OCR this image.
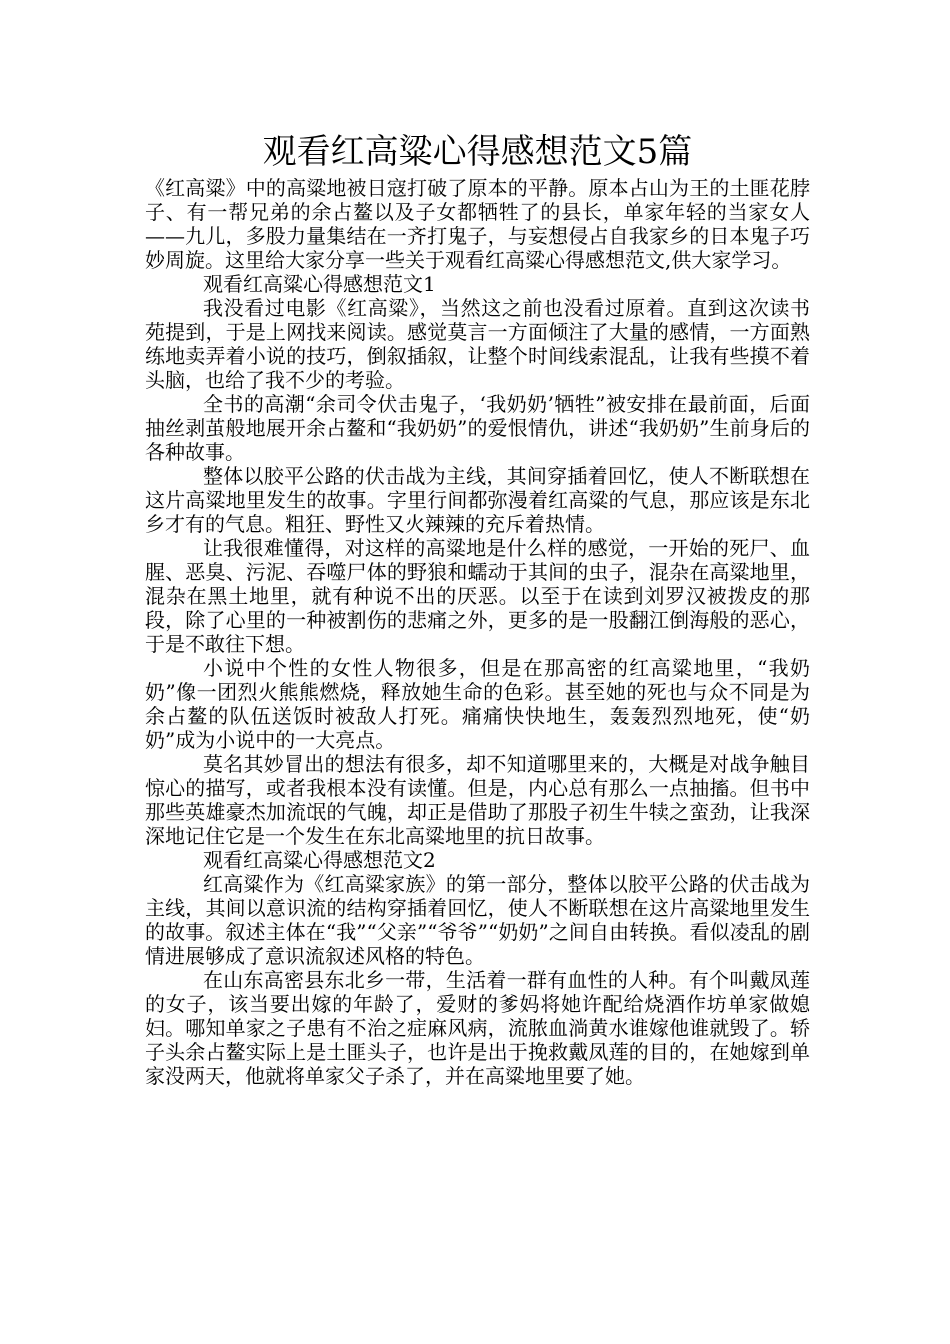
观看红高粱心得感想范文5篇

《红高粱》中的高粱地被日寇打破了原本的平静。原本占山为王的土匪花脖子、有一帮兄弟的余占鳌以及子女都牺牲了的县长，单家年轻的当家女人——九儿，多股力量集结在一齐打鬼子，与妄想侵占自我家乡的日本鬼子巧妙周旋。这里给大家分享一些关于观看红高粱心得感想范文,供大家学习。

观看红高粱心得感想范文1

我没看过电影《红高粱》，当然这之前也没看过原着。直到这次读书苑提到，于是上网找来阅读。感觉莫言一方面倾注了大量的感情，一方面熟练地卖弄着小说的技巧，倒叙插叙，让整个时间线索混乱，让我有些摸不着头脑，也给了我不少的考验。

全书的高潮“余司令伏击鬼子，‘我奶奶’牺牲”被安排在最前面，后面抽丝剥茧般地展开余占鳌和“我奶奶”的爱恨情仇，讲述“我奶奶”生前身后的各种故事。

整体以胶平公路的伏击战为主线，其间穿插着回忆，使人不断联想在这片高粱地里发生的故事。字里行间都弥漫着红高粱的气息，那应该是东北乡才有的气息。粗狂、野性又火辣辣的充斥着热情。

让我很难懂得，对这样的高粱地是什么样的感觉，一开始的死尸、血腥、恶臭、污泥、吞噬尸体的野狼和蠕动于其间的虫子，混杂在高粱地里，混杂在黑土地里，就有种说不出的厌恶。以至于在读到刘罗汉被拨皮的那段，除了心里的一种被割伤的悲痛之外，更多的是一股翻江倒海般的恶心，于是不敢往下想。

小说中个性的女性人物很多，但是在那高密的红高粱地里，“我奶奶”像一团烈火熊熊燃烧，释放她生命的色彩。甚至她的死也与众不同是为余占鳌的队伍送饭时被敌人打死。痛痛快快地生，轰轰烈烈地死，使“奶奶”成为小说中的一大亮点。

莫名其妙冒出的想法有很多，却不知道哪里来的，大概是对战争触目惊心的描写，或者我根本没有读懂。但是，内心总有那么一点抽搐。但书中那些英雄豪杰加流氓的气魄，却正是借助了那股子初生牛犊之蛮劲，让我深深地记住它是一个发生在东北高粱地里的抗日故事。

观看红高粱心得感想范文2

红高粱作为《红高粱家族》的第一部分，整体以胶平公路的伏击战为主线，其间以意识流的结构穿插着回忆，使人不断联想在这片高粱地里发生的故事。叙述主体在“我”“父亲”“爷爷”“奶奶”之间自由转换。看似凌乱的剧情进展够成了意识流叙述风格的特色。

在山东高密县东北乡一带，生活着一群有血性的人种。有个叫戴凤莲的女子，该当要出嫁的年龄了，爱财的爹妈将她许配给烧酒作坊单家做媳妇。哪知单家之子患有不治之症麻风病，流脓血淌黄水谁嫁他谁就毁了。轿子头余占鳌实际上是土匪头子，也许是出于挽救戴凤莲的目的，在她嫁到单家没两天，他就将单家父子杀了，并在高粱地里要了她。
